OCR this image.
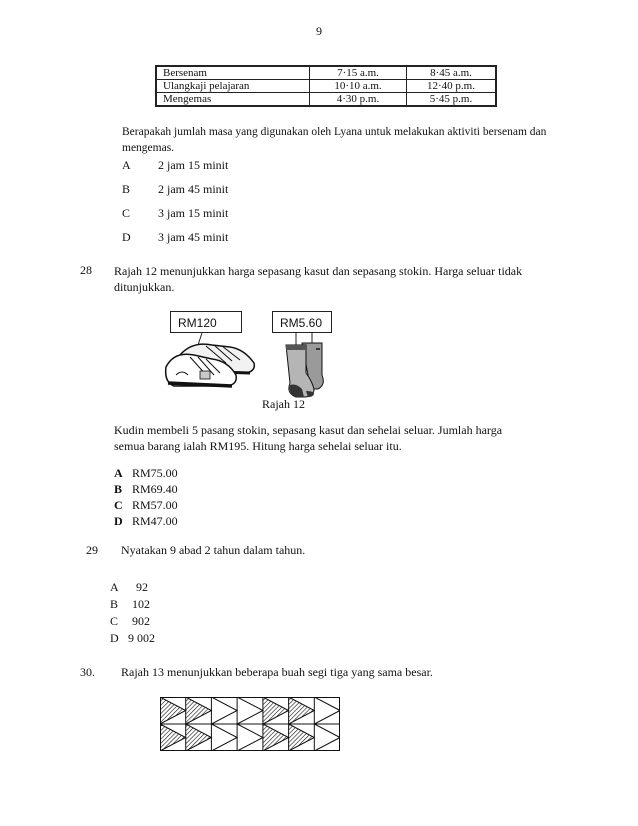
9
Bersenam	7·15 a.m.	8·45 a.m.
Ulangkaji pelajaran	10·10 a.m.	12·40 p.m.
Mengemas	4·30 p.m.	5·45 p.m.
Berapakah jumlah masa yang digunakan oleh Lyana untuk melakukan aktiviti bersenam dan
mengemas.
A 2 jam 15 minit
B 2 jam 45 minit
C 3 jam 15 minit
D 3 jam 45 minit
28 Rajah 12 menunjukkan harga sepasang kasut dan sepasang stokin. Harga seluar tidak
ditunjukkan.
RM120	RM5.60
Rajah 12
Kudin membeli 5 pasang stokin, sepasang kasut dan sehelai seluar. Jumlah harga
semua barang ialah RM195. Hitung harga sehelai seluar itu.
A RM75.00
B RM69.40
C RM57.00
D RM47.00
29 Nyatakan 9 abad 2 tahun dalam tahun.
A 92
B 102
C 902
D 9 002
30. Rajah 13 menunjukkan beberapa buah segi tiga yang sama besar.
